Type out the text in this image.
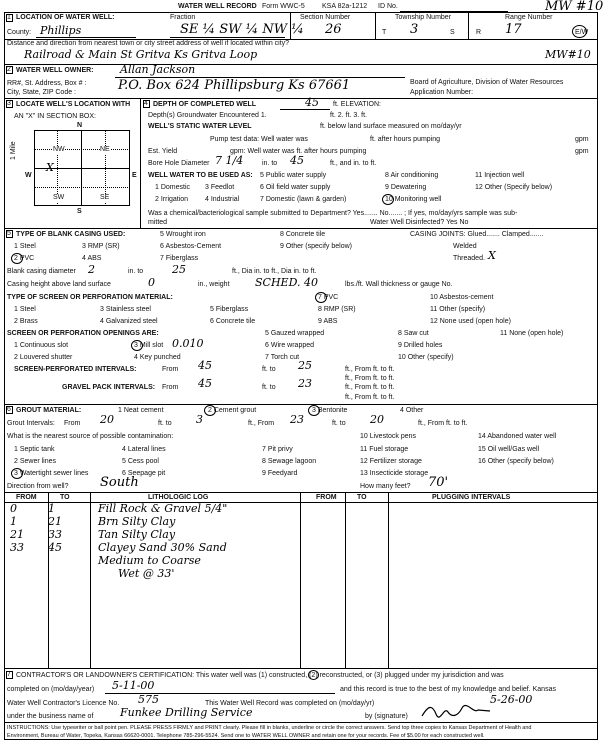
WATER WELL RECORD Form WWC-5 KSA 82a-1212 ID No.	MW #10
1 LOCATION OF WATER WELL:	Fraction	Section Number	Township Number	Range Number
County: Phillips	SE ¼ SW ¼ NW ¼ 26	T 3	S	R 17	E/W
Distance and direction from nearest town or city street address of well if located within city?
Railroad & Main St Gritva Ks Gritva Loop	MW#10
2 WATER WELL OWNER: Allan Jackson
RR#, St. Address, Box # :
City, State, ZIP Code :	P.O. Box 624 Phillipsburg Ks 67661	Board of Agriculture, Division of Water Resources
Application Number:
3 LOCATE WELL'S LOCATION WITH
AN "X" IN SECTION BOX:
N
S
W	E
1 Mile	NW	NE
SW	SE
X
4 DEPTH OF COMPLETED WELL	45 ft. ELEVATION:
Depth(s) Groundwater Encountered 1.	ft. 2. ft. 3. ft.
WELL'S STATIC WATER LEVEL	ft. below land surface measured on mo/day/yr
Pump test data: Well water was	ft. after hours pumping	gpm
Est. Yield	gpm: Well water was ft. after hours pumping	gpm
Bore Hole Diameter 7 1/4	in. to 45	ft., and in. to ft.
WELL WATER TO BE USED AS: 5 Public water supply	8 Air conditioning	11 Injection well
1 Domestic 3 Feedlot	6 Oil field water supply	9 Dewatering	12 Other (Specify below)
2 Irrigation 4 Industrial	7 Domestic (lawn & garden)	10 Monitoring well
Was a chemical/bacteriological sample submitted to Department? Yes....... No....... ; If yes, mo/day/yrs sample was sub-
mitted	Water Well Disinfected? Yes No
5 TYPE OF BLANK CASING USED:
1 Steel
2 PVC
3 RMP (SR)
4 ABS
5 Wrought iron
6 Asbestos-Cement
7 Fiberglass
8 Concrete tile
9 Other (specify below)
CASING JOINTS: Glued....... Clamped.......
Welded
Threaded. X
Blank casing diameter 2	in. to	25	ft., Dia in. to ft., Dia in. to ft.
Casing height above land surface	0	in., weight SCHED. 40	lbs./ft. Wall thickness or gauge No.
TYPE OF SCREEN OR PERFORATION MATERIAL:
1 Steel
2 Brass
3 Stainless steel
4 Galvanized steel
5 Fiberglass
6 Concrete tile
7 PVC
8 RMP (SR)
9 ABS
10 Asbestos-cement
11 Other (specify)
12 None used (open hole)
SCREEN OR PERFORATION OPENINGS ARE:
1 Continuous slot
2 Louvered shutter
3 Mill slot 0.010
4 Key punched
5 Gauzed wrapped
6 Wire wrapped
7 Torch cut
8 Saw cut
9 Drilled holes
10 Other (specify)
11 None (open hole)
SCREEN-PERFORATED INTERVALS:	From 45	ft. to 25	ft., From ft. to ft.
ft., From ft. to ft.
GRAVEL PACK INTERVALS: From 45	ft. to 23	ft., From ft. to ft.
ft., From ft. to ft.
6 GROUT MATERIAL:	1 Neat cement	2 Cement grout	3 Bentonite	4 Other
Grout Intervals: From 20	ft. to 3	ft., From 23	ft. to 20	ft., From ft. to ft.
What is the nearest source of possible contamination:
1 Septic tank
2 Sewer lines
3 Watertight sewer lines
4 Lateral lines
5 Cess pool
6 Seepage pit
7 Pit privy
8 Sewage lagoon
9 Feedyard
10 Livestock pens
11 Fuel storage
12 Fertilizer storage
13 Insecticide storage
14 Abandoned water well
15 Oil well/Gas well
16 Other (specify below)
Direction from well? South	How many feet? 70'
FROM	TO	LITHOLOGIC LOG	FROM	TO	PLUGGING INTERVALS
0	1	Fill Rock & Gravel 5/4"
1	21	Brn Silty Clay
21	33	Tan Silty Clay
33	45	Clayey Sand 30% Sand
Medium to Coarse
Wet @ 33'
7 CONTRACTOR'S OR LANDOWNER'S CERTIFICATION: This water well was (1) constructed, (2) reconstructed, or (3) plugged under my jurisdiction and was
completed on (mo/day/year) 5-11-00	and this record is true to the best of my knowledge and belief. Kansas
Water Well Contractor's Licence No. 575	This Water Well Record was completed on (mo/day/yr)	5-26-00
under the business name of Funkee Drilling Service	by (signature)
INSTRUCTIONS: Use typewriter or ball point pen. PLEASE PRESS FIRMLY and PRINT clearly. Please fill in blanks, underline or circle the correct answers. Send top three copies to Kansas Department of Health and
Environment, Bureau of Water, Topeka, Kansas 66620-0001. Telephone 785-296-5524. Send one to WATER WELL OWNER and retain one for your records. Fee of $5.00 for each constructed well.
